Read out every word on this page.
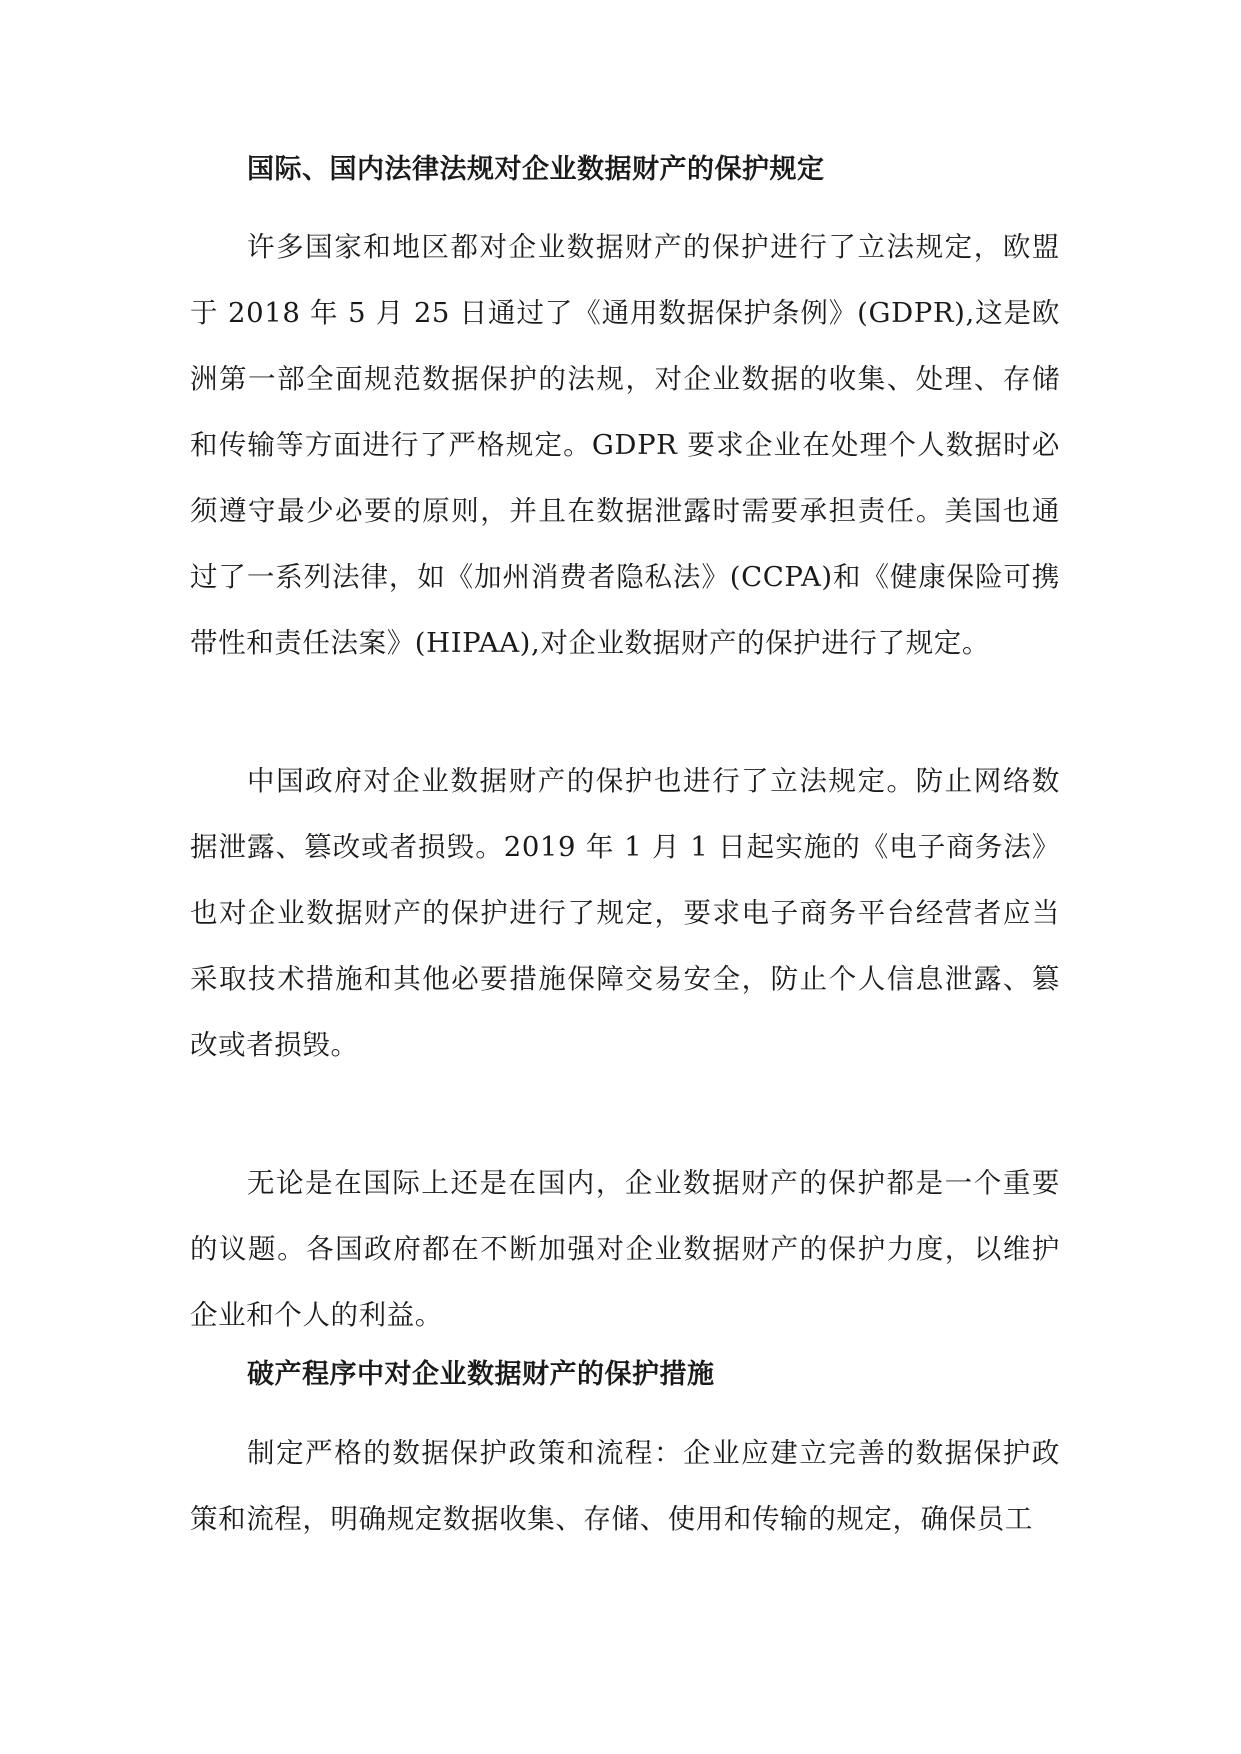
国际、国内法律法规对企业数据财产的保护规定
许多国家和地区都对企业数据财产的保护进行了立法规定，欧盟于 2018 年 5 月 25 日通过了《通用数据保护条例》(GDPR),这是欧洲第一部全面规范数据保护的法规，对企业数据的收集、处理、存储和传输等方面进行了严格规定。GDPR 要求企业在处理个人数据时必须遵守最少必要的原则，并且在数据泄露时需要承担责任。美国也通过了一系列法律，如《加州消费者隐私法》(CCPA)和《健康保险可携带性和责任法案》(HIPAA),对企业数据财产的保护进行了规定。
中国政府对企业数据财产的保护也进行了立法规定。防止网络数据泄露、篡改或者损毁。2019 年 1 月 1 日起实施的《电子商务法》也对企业数据财产的保护进行了规定，要求电子商务平台经营者应当采取技术措施和其他必要措施保障交易安全，防止个人信息泄露、篡改或者损毁。
无论是在国际上还是在国内，企业数据财产的保护都是一个重要的议题。各国政府都在不断加强对企业数据财产的保护力度，以维护企业和个人的利益。
破产程序中对企业数据财产的保护措施
制定严格的数据保护政策和流程：企业应建立完善的数据保护政策和流程，明确规定数据收集、存储、使用和传输的规定，确保员工
